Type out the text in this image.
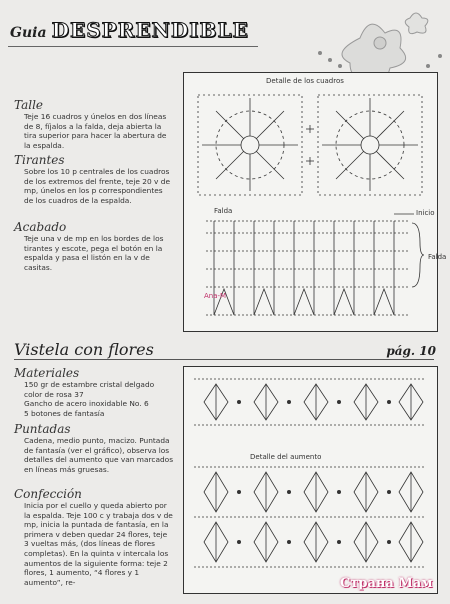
Guia DESPRENDIBLE
Talle
Teje 16 cuadros y únelos en dos líneas de 8, fíjalos a la falda, deja abierta la tira superior para hacer la abertura de la espalda.
Tirantes
Sobre los 10 p centrales de los cuadros de los extremos del frente, teje 20 v de mp, únelos en los p correspondientes de los cuadros de la espalda.
Acabado
Teje una v de mp en los bordes de los tirantes y escote, pega el botón en la espalda y pasa el listón en la v de casitas.
Detalle de los cuadros
Falda	Inicio
Falda
Ana-M
Vistela con flores	pág. 10
Materiales
150 gr de estambre cristal delgado color de rosa 37
Gancho de acero inoxidable No. 6
5 botones de fantasía
Puntadas
Cadena, medio punto, macizo. Puntada de fantasía (ver el gráfico), observa los detalles del aumento que van marcados en líneas más gruesas.
Confección
Inicia por el cuello y queda abierto por la espalda. Teje 100 c y trabaja dos v de mp, inicia la puntada de fantasía, en la primera v deben quedar 24 flores, teje 3 vueltas más, (dos líneas de flores completas). En la quinta v intercala los aumentos de la siguiente forma: teje 2 flores, 1 aumento, “4 flores y 1 aumento”, re-
Detalle del aumento
Страна Мам
